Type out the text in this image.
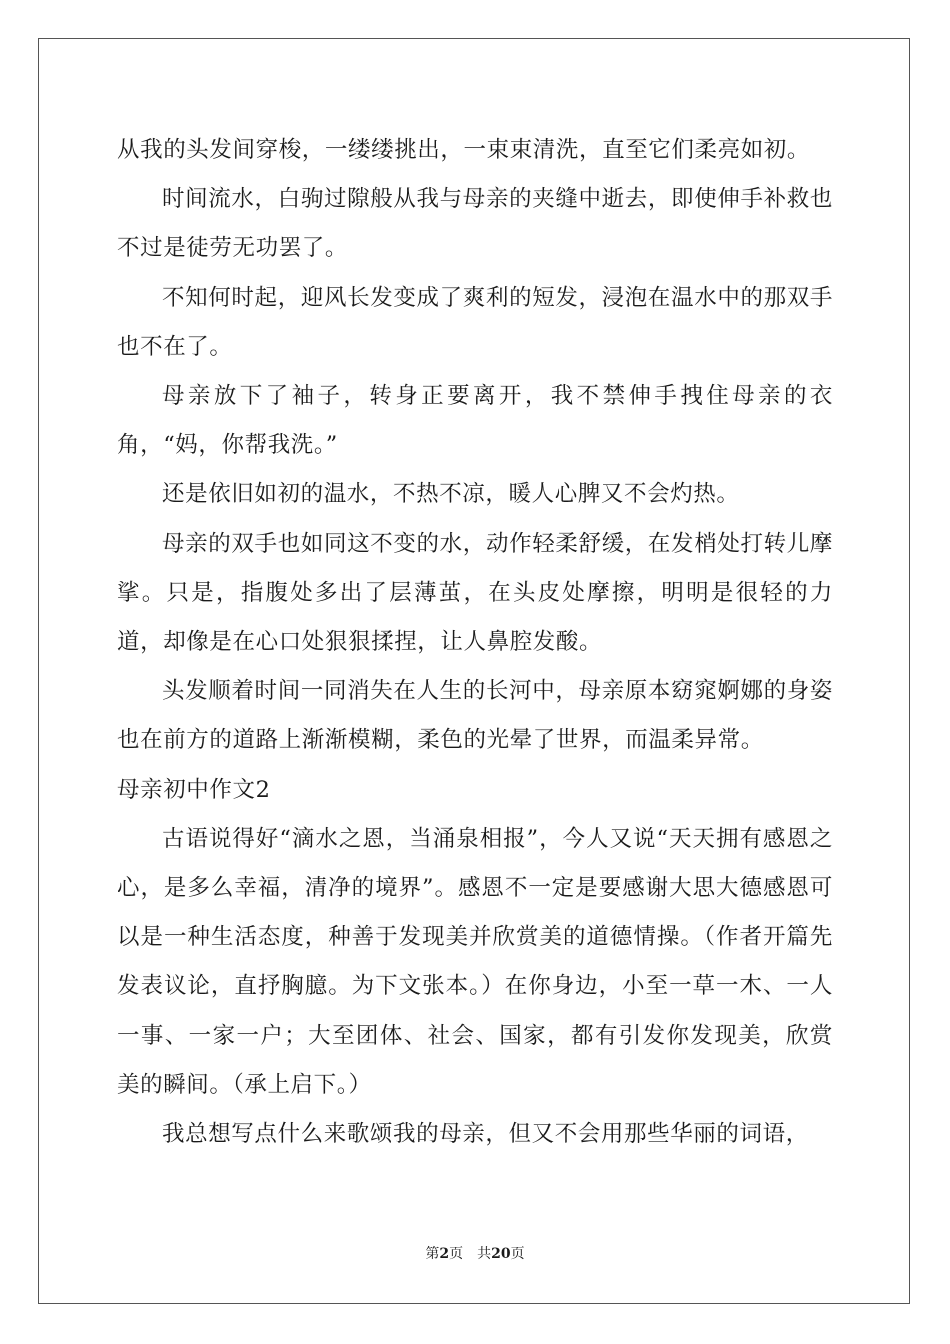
从我的头发间穿梭，一缕缕挑出，一束束清洗，直至它们柔亮如初。

时间流水，白驹过隙般从我与母亲的夹缝中逝去，即使伸手补救也不过是徒劳无功罢了。

不知何时起，迎风长发变成了爽利的短发，浸泡在温水中的那双手也不在了。

母亲放下了袖子，转身正要离开，我不禁伸手拽住母亲的衣角，“妈，你帮我洗。”

还是依旧如初的温水，不热不凉，暖人心脾又不会灼热。

母亲的双手也如同这不变的水，动作轻柔舒缓，在发梢处打转儿摩挲。只是，指腹处多出了层薄茧，在头皮处摩擦，明明是很轻的力道，却像是在心口处狠狠揉捏，让人鼻腔发酸。

头发顺着时间一同消失在人生的长河中，母亲原本窈窕婀娜的身姿也在前方的道路上渐渐模糊，柔色的光晕了世界，而温柔异常。

母亲初中作文2

古语说得好“滴水之恩，当涌泉相报”，今人又说“天天拥有感恩之心，是多么幸福，清净的境界”。感恩不一定是要感谢大思大德感恩可以是一种生活态度，种善于发现美并欣赏美的道德情操。（作者开篇先发表议论，直抒胸臆。为下文张本。）在你身边，小至一草一木、一人一事、一家一户；大至团体、社会、国家，都有引发你发现美，欣赏美的瞬间。（承上启下。）

我总想写点什么来歌颂我的母亲，但又不会用那些华丽的词语，

第2页 共20页
